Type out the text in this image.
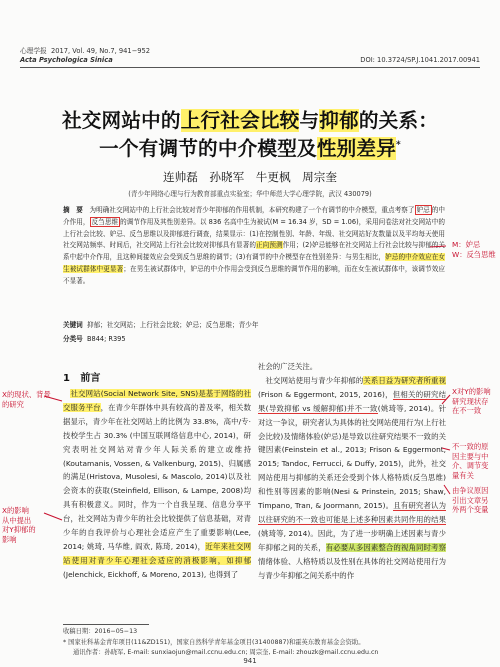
心理学报 2017, Vol. 49, No.7, 941−952
Acta Psychologica Sinica	DOI: 10.3724/SP.J.1041.2017.00941
社交网站中的上行社会比较与抑郁的关系：
一个有调节的中介模型及性别差异*
连帅磊　孙晓军　牛更枫　周宗奎
(青少年网络心理与行为教育部重点实验室；华中师范大学心理学院，武汉 430079)

摘　要　为明确社交网站中的上行社会比较对青少年抑郁的作用机制，本研究构建了一个有调节的中介模型，重点考察了 妒忌 的中介作用， 反刍思维 的调节作用及其性别差异。以 836 名高中生为被试(M = 16.34 岁，SD = 1.06)，采用问卷法对社交网站中的上行社会比较、妒忌、反刍思维以及抑郁进行调查，结果显示：(1)在控制性别、年龄、年级、社交网站好友数量以及平均每天使用社交网站频率、时间后，社交网站上行社会比较对抑郁具有显著的正向预测作用；(2)妒忌能够在社交网站上行社会比较与抑郁的关系中起中介作用，且这种间接效应会受到反刍思维的调节；(3)有调节的中介模型存在性别差异：与男生相比，妒忌的中介效应在女生被试群体中更显著；在男生被试群体中，妒忌的中介作用会受到反刍思维的调节作用的影响，而在女生被试群体中，该调节效应不显著。

关键词 抑郁；社交网站；上行社会比较；妒忌；反刍思维；青少年
分类号 B844; R395
1 前言
 社交网站(Social Network Site, SNS)是基于网络的社交服务平台，在青少年群体中具有较高的普及率，相关数据显示，青少年在社交网站上的比例为 33.8%，高中/专·技校学生占 30.3% (中国互联网络信息中心, 2014)，研究表明社交网站对青少年人际关系的建立或维持(Koutamanis, Vossen, & Valkenburg, 2015)、归属感的满足(Hristova, Musolesi, & Mascolo, 2014)以及社会资本的获取(Steinfield, Ellison, & Lampe, 2008)均具有积极意义。同时，作为一个自我呈现、信息分享平台，社交网站为青少年的社会比较提供了信息基础，对青少年的自我评价与心理社会适应产生了重要影响(Lee, 2014; 姚琦, 马华维, 阎欢, 陈琦, 2014)，近年来社交网站使用对青少年心理社会适应的消极影响，如抑郁(Jelenchick, Eickhoff, & Moreno, 2013), 也得到了
社会的广泛关注。
 社交网站使用与青少年抑郁的关系日益为研究者所重视(Frison & Eggermont, 2015, 2016)，但相关的研究结果(导致抑郁 vs 缓解抑郁)并不一致(姚琦等, 2014)。针对这一争议，研究者认为具体的社交网站使用行为(上行社会比较)及情绪体验(妒忌)是导致以往研究结果不一致的关键因素(Feinstein et al., 2013; Frison & Eggermont, 2015; Tandoc, Ferrucci, & Duffy, 2015)，此外，社交网站使用与抑郁的关系还会受到个体人格特质(反刍思维)和性别等因素的影响(Nesi & Prinstein, 2015; Shaw, Timpano, Tran, & Joormann, 2015)。且有研究者认为以往研究的不一致也可能是上述多种因素共同作用的结果(姚琦等, 2014)。因此，为了进一步明确上述因素与青少年抑郁之间的关系，有必要从多因素整合的视角同时考察情绪体验、人格特质以及性别在具体的社交网站使用行为与青少年抑郁之间关系中的作
收稿日期：2016−05−13
* 国家社科基金青年项目(11&ZD151)，国家自然科学青年基金项目(31400887)和霍英东教育基金会资助。
通讯作者：孙晓军, E-mail: sunxiaojun@mail.ccnu.edu.cn; 周宗奎, E-mail: zhouzk@mail.ccnu.edu.cn
941
M：妒忌
W：反刍思维
X的现状、背景
的研究
X的影响
从中提出
对Y抑郁的
影响
X对Y的影响
研究现状存
在不一致
不一致的原
因主要与中
介、调节变
量有关
由争议原因
引出文章另
外两个变量
